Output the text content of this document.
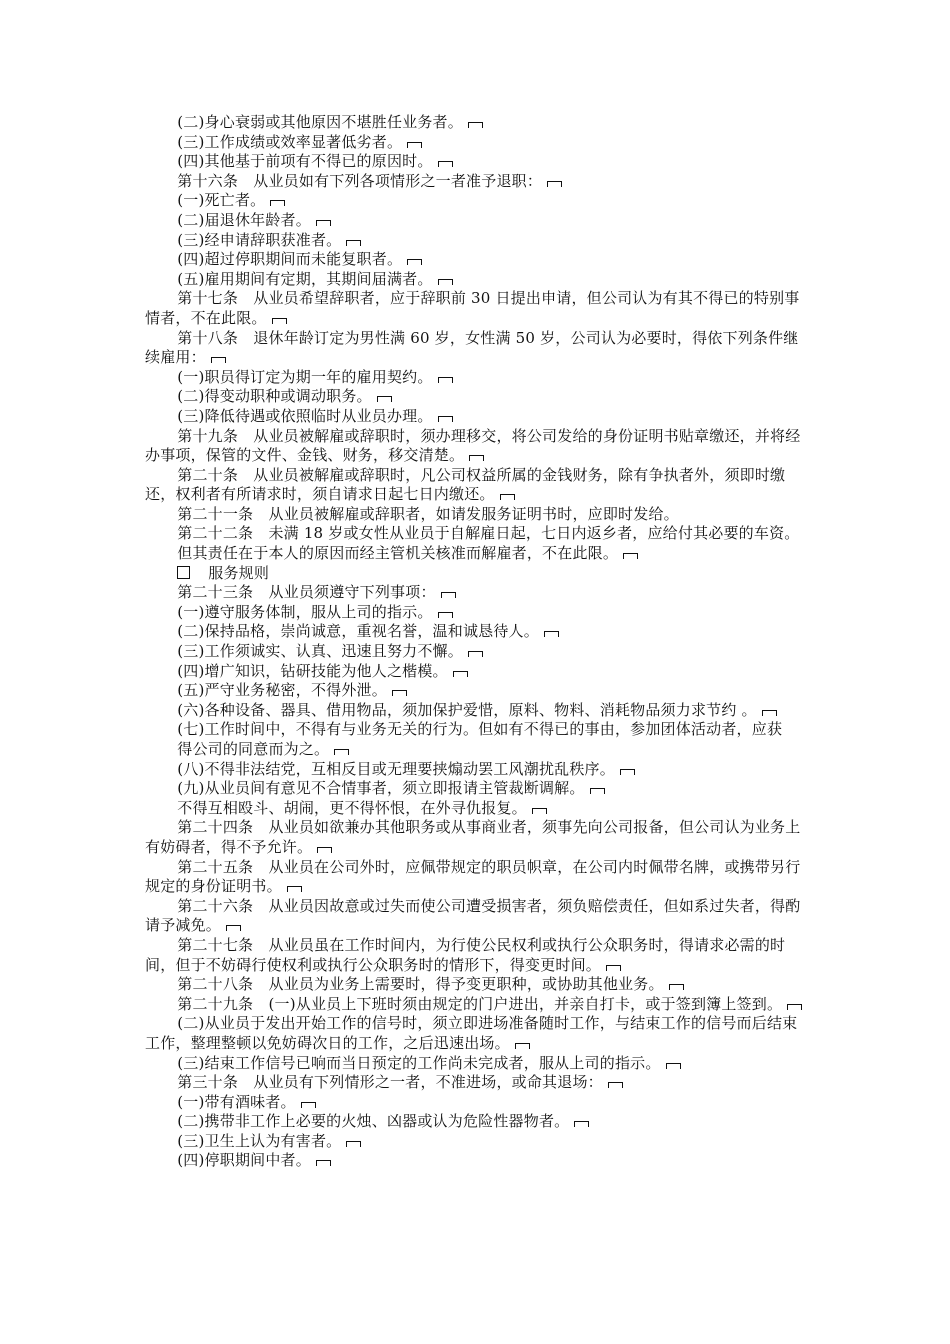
(二)身心衰弱或其他原因不堪胜任业务者。

(三)工作成绩或效率显著低劣者。

(四)其他基于前项有不得已的原因时。

第十六条　从业员如有下列各项情形之一者准予退职：

(一)死亡者。

(二)届退休年龄者。

(三)经申请辞职获准者。

(四)超过停职期间而未能复职者。

(五)雇用期间有定期，其期间届满者。

第十七条　从业员希望辞职者，应于辞职前 30 日提出申请，但公司认为有其不得已的特别事情者，不在此限。

第十八条　退休年龄订定为男性满 60 岁，女性满 50 岁，公司认为必要时，得依下列条件继续雇用：

(一)职员得订定为期一年的雇用契约。

(二)得变动职种或调动职务。

(三)降低待遇或依照临时从业员办理。

第十九条　从业员被解雇或辞职时，须办理移交，将公司发给的身份证明书贴章缴还，并将经办事项，保管的文件、金钱、财务，移交清楚。

第二十条　从业员被解雇或辞职时，凡公司权益所属的金钱财务，除有争执者外，须即时缴还，权利者有所请求时，须自请求日起七日内缴还。

第二十一条　从业员被解雇或辞职者，如请发服务证明书时，应即时发给。

第二十二条　未满 18 岁或女性从业员于自解雇日起，七日内返乡者，应给付其必要的车资。

但其责任在于本人的原因而经主管机关核准而解雇者，不在此限。

服务规则

第二十三条　从业员须遵守下列事项：

(一)遵守服务体制，服从上司的指示。

(二)保持品格，崇尚诚意，重视名誉，温和诚恳待人。

(三)工作须诚实、认真、迅速且努力不懈。

(四)增广知识，钻研技能为他人之楷模。

(五)严守业务秘密，不得外泄。

(六)各种设备、器具、借用物品，须加保护爱惜，原料、物料、消耗物品须力求节约 。

(七)工作时间中，不得有与业务无关的行为。但如有不得已的事由，参加团体活动者，应获

得公司的同意而为之。

(八)不得非法结党，互相反目或无理要挟煽动罢工风潮扰乱秩序。

(九)从业员间有意见不合情事者，须立即报请主管裁断调解。

不得互相殴斗、胡闹，更不得怀恨，在外寻仇报复。

第二十四条　从业员如欲兼办其他职务或从事商业者，须事先向公司报备，但公司认为业务上有妨碍者，得不予允许。

第二十五条　从业员在公司外时，应佩带规定的职员帜章，在公司内时佩带名牌，或携带另行规定的身份证明书。

第二十六条　从业员因故意或过失而使公司遭受损害者，须负赔偿责任，但如系过失者，得酌请予减免。

第二十七条　从业员虽在工作时间内，为行使公民权利或执行公众职务时，得请求必需的时间，但于不妨碍行使权利或执行公众职务时的情形下，得变更时间。

第二十八条　从业员为业务上需要时，得予变更职种，或协助其他业务。

第二十九条　(一)从业员上下班时须由规定的门户进出，并亲自打卡，或于签到簿上签到。

(二)从业员于发出开始工作的信号时，须立即进场准备随时工作，与结束工作的信号而后结束工作，整理整顿以免妨碍次日的工作，之后迅速出场。

(三)结束工作信号已响而当日预定的工作尚未完成者，服从上司的指示。

第三十条　从业员有下列情形之一者，不准进场，或命其退场：

(一)带有酒味者。

(二)携带非工作上必要的火烛、凶器或认为危险性器物者。

(三)卫生上认为有害者。

(四)停职期间中者。
